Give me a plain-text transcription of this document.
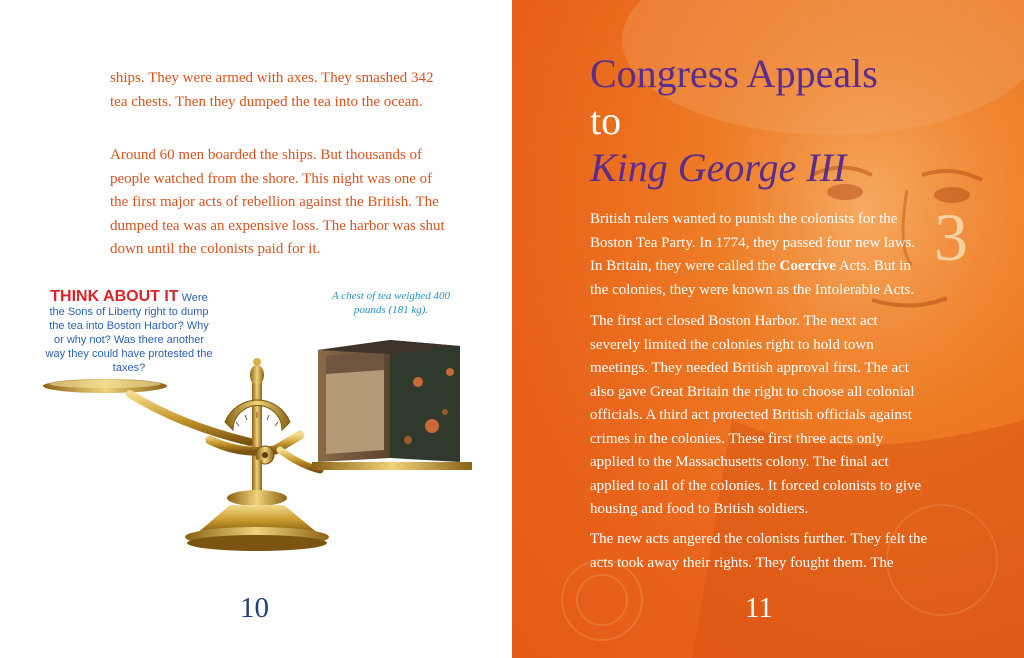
ships. They were armed with axes. They smashed 342 tea chests. Then they dumped the tea into the ocean.

Around 60 men boarded the ships. But thousands of people watched from the shore. This night was one of the first major acts of rebellion against the British. The dumped tea was an expensive loss. The harbor was shut down until the colonists paid for it.

THINK ABOUT IT Were the Sons of Liberty right to dump the tea into Boston Harbor? Why or why not? Was there another way they could have protested the taxes?
A chest of tea weighed 400 pounds (181 kg).
10
Congress Appeals
to
King George III
3

British rulers wanted to punish the colonists for the Boston Tea Party. In 1774, they passed four new laws. In Britain, they were called the Coercive Acts. But in the colonies, they were known as the Intolerable Acts.

The first act closed Boston Harbor. The next act severely limited the colonies right to hold town meetings. They needed British approval first. The act also gave Great Britain the right to choose all colonial officials. A third act protected British officials against crimes in the colonies. These first three acts only applied to the Massachusetts colony. The final act applied to all of the colonies. It forced colonists to give housing and food to British soldiers.

The new acts angered the colonists further. They felt the acts took away their rights. They fought them. The

11
